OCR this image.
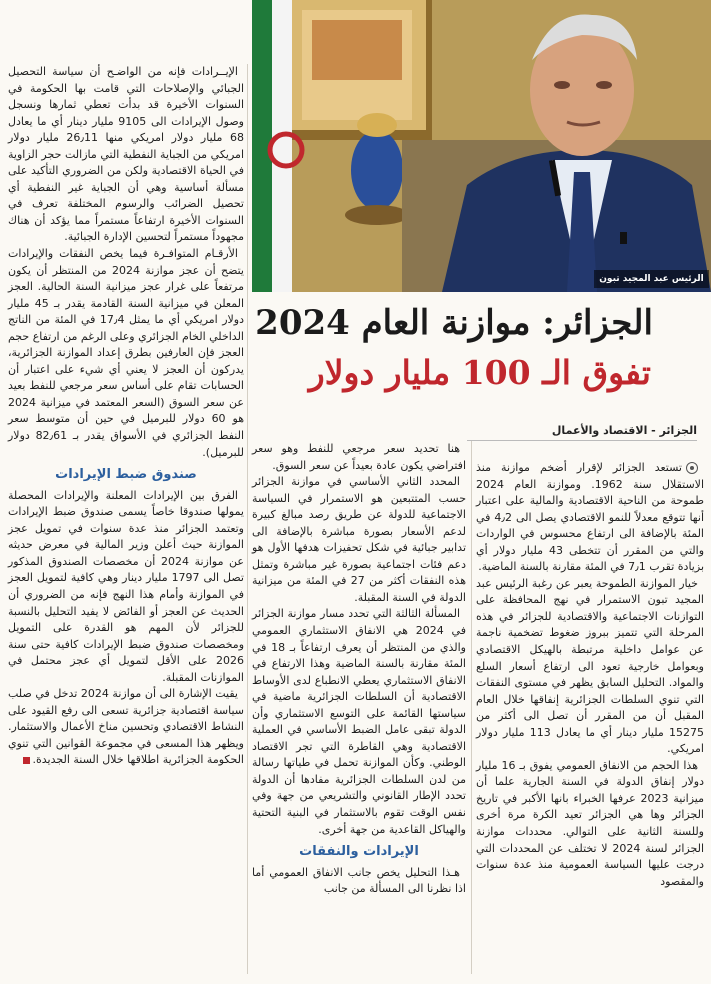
الرئيس عبد المجيد تبون
الجزائر: موازنة العام 2024
تفوق الـ 100 مليار دولار
الجزائر - الاقتصاد والأعمال

الإيــرادات فإنه من الواضـح أن سياسة التحصيل الجبائي والإصلاحات التي قامت بها الحكومة في السنوات الأخيرة قد بدأت تعطي ثمارها ونسجل وصول الإيرادات الى 9105 مليار دينار أي ما يعادل 68 مليار دولار امريكي منها 26٫11 مليار دولار امريكي من الجباية النفطية التي مازالت حجر الزاوية في الحياة الاقتصادية ولكن من الضروري التأكيد على مسألة أساسية وهي أن الجباية غير النفطية أي تحصيل الضرائب والرسوم المختلفة تعرف في السنوات الأخيرة ارتفاعاً مستمراً مما يؤكد أن هناك مجهوداً مستمراً لتحسين الإدارة الجبائية.

الأرقـام المتوافـرة فيما يخص النفقات والإيرادات يتضح أن عجز موازنة 2024 من المنتظر أن يكون مرتفعاً على غرار عجز ميزانية السنة الحالية. العجز المعلن في ميزانية السنة القادمة يقدر بـ 45 مليار دولار امريكي أي ما يمثل 17٫4 في المئة من الناتج الداخلي الخام الجزائري وعلى الرغم من ارتفاع حجم العجز فإن العارفين بطرق إعداد الموازنة الجزائرية، يدركون أن العجز لا يعني أي شيء على اعتبار أن الحسابات تقام على أساس سعر مرجعي للنفط بعيد عن سعر السوق (السعر المعتمد في ميزانية 2024 هو 60 دولار للبرميل في حين أن متوسط سعر النفط الجزائري في الأسواق يقدر بـ 82٫61 دولار للبرميل).

صندوق ضبط الإيرادات

الفرق بين الإيرادات المعلنة والإيرادات المحصلة يمولها صندوقا خاصاً يسمى صندوق ضبط الإيرادات وتعتمد الجزائر منذ عدة سنوات في تمويل عجز الموازنة حيث أعلن وزير المالية في معرض حديثه عن موازنة 2024 أن مخصصات الصندوق المذكور تصل الى 1797 مليار دينار وهي كافية لتمويل العجز في الموازنة وأمام هذا النهج فإنه من الضروري أن الحديث عن العجز أو الفائض لا يفيد التحليل بالنسبة للجزائر لأن المهم هو القدرة على التمويل ومخصصات صندوق ضبط الإيرادات كافية حتى سنة 2026 على الأقل لتمويل أي عجز محتمل في الموازنات المقبلة.

يقيت الإشارة الى أن موازنة 2024 تدخل في صلب سياسة اقتصادية جزائرية تسعى الى رفع القيود على النشاط الاقتصادي وتحسين مناخ الأعمال والاستثمار. ويظهر هذا المسعى في مجموعة القوانين التي تنوي الحكومة الجزائرية اطلاقها خلال السنة الجديدة.

هنا تحديد سعر مرجعي للنفط وهو سعر افتراضي يكون عادة بعيداً عن سعر السوق.

المحدد الثاني الأساسي في موازنة الجزائر حسب المتتبعين هو الاستمرار في السياسة الاجتماعية للدولة عن طريق رصد مبالغ كبيرة لدعم الأسعار بصورة مباشرة بالإضافة الى تدابير جبائية في شكل تحفيزات هدفها الأول هو دعم فئات اجتماعية بصورة غير مباشرة وتمثل هذه النفقات أكثر من 27 في المئة من ميزانية الدولة في السنة المقبلة.

المسألة الثالثة التي تحدد مسار موازنة الجزائر في 2024 هي الانفاق الاستثماري العمومي والذي من المنتظر أن يعرف ارتفاعاً بـ 18 في المئة مقارنة بالسنة الماضية وهذا الارتفاع في الانفاق الاستثماري يعطي الانطباع لدى الأوساط الاقتصادية أن السلطات الجزائرية ماضية في سياستها القائمة على التوسع الاستثماري وأن الدولة تبقى عامل الضبط الأساسي في العملية الاقتصادية وهي القاطرة التي تجر الاقتصاد الوطني. وكأن الموازنة تحمل في طياتها رسالة من لدن السلطات الجزائرية مفادها أن الدولة تحدد الإطار القانوني والتشريعي من جهة وفي نفس الوقت تقوم بالاستثمار في البنية التحتية والهياكل القاعدية من جهة أخرى.

الإيرادات والنفقات

هـذا التحليل يخص جانب الانفاق العمومي أما اذا نظرنا الى المسألة من جانب

تستعد الجزائر لإقرار أضخم موازنة منذ الاستقلال سنة 1962. وموازنة العام 2024 طموحة من الناحية الاقتصادية والمالية على اعتبار أنها تتوقع معدلاً للنمو الاقتصادي يصل الى 4٫2 في المئة بالإضافة الى ارتفاع محسوس في الواردات والتي من المقرر أن تتخطى 43 مليار دولار أي بزيادة تقرب 7٫1 في المئة مقارنة بالسنة الماضية.

خيار الموازنة الطموحة يعبر عن رغبة الرئيس عبد المجيد تبون الاستمرار في نهج المحافظة على التوازنات الاجتماعية والاقتصادية للجزائر في هذه المرحلة التي تتميز ببروز ضغوط تضخمية ناجمة عن عوامل داخلية مرتبطة بالهيكل الاقتصادي وبعوامل خارجية تعود الى ارتفاع أسعار السلع والمواد. التحليل السابق يظهر في مستوى النفقات التي تنوي السلطات الجزائرية إنفاقها خلال العام المقبل أن من المقرر أن تصل الى أكثر من 15275 مليار دينار أي ما يعادل 113 مليار دولار امريكي.

هذا الحجم من الانفاق العمومي يفوق بـ 16 مليار دولار إنفاق الدولة في السنة الجارية علما أن ميزانية 2023 عرفها الخبراء بانها الأكبر في تاريخ الجزائر وها هي الجزائر تعيد الكرة مرة أخرى وللسنة الثانية على التوالي. محددات موازنة الجزائر لسنة 2024 لا تختلف عن المحددات التي درجت عليها السياسة العمومية منذ عدة سنوات والمقصود
